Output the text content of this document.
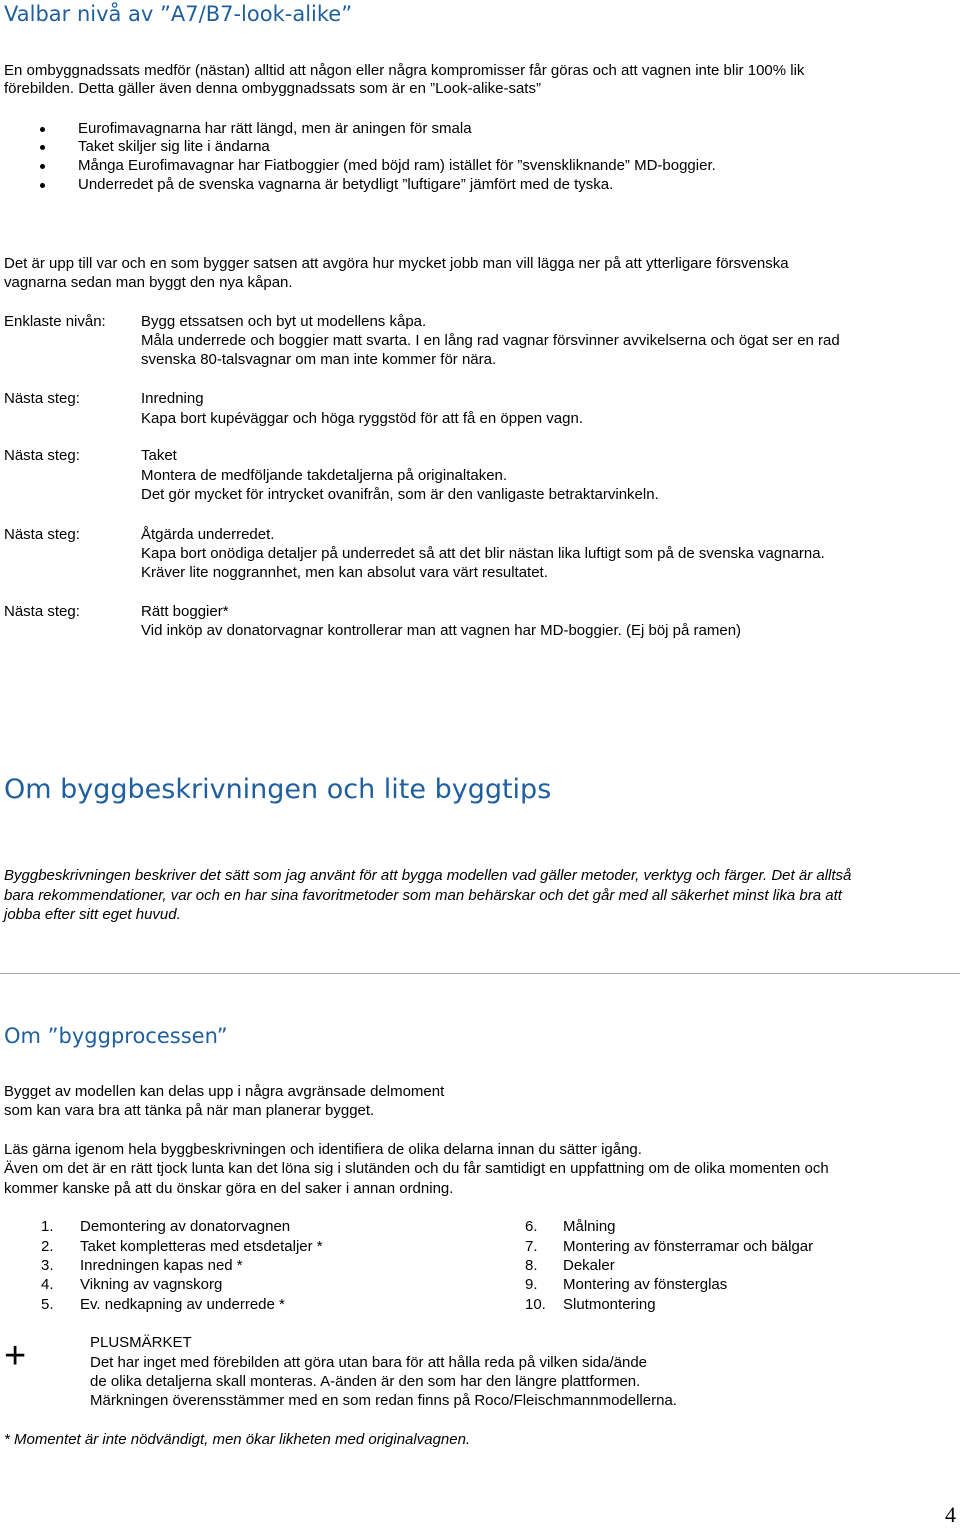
Valbar nivå av ”A7/B7-look-alike”
En ombyggnadssats medför (nästan) alltid att någon eller några kompromisser får göras och att vagnen inte blir 100% lik
förebilden. Detta gäller även denna ombyggnadssats som är en ”Look-alike-sats”
Eurofimavagnarna har rätt längd, men är aningen för smala
Taket skiljer sig lite i ändarna
Många Eurofimavagnar har Fiatboggier (med böjd ram) istället för ”svenskliknande” MD-boggier.
Underredet på de svenska vagnarna är betydligt ”luftigare” jämfört med de tyska.
Det är upp till var och en som bygger satsen att avgöra hur mycket jobb man vill lägga ner på att ytterligare försvenska
vagnarna sedan man byggt den nya kåpan.
Enklaste nivån: Bygg etssatsen och byt ut modellens kåpa.
Måla underrede och boggier matt svarta. I en lång rad vagnar försvinner avvikelserna och ögat ser en rad
svenska 80-talsvagnar om man inte kommer för nära.
Nästa steg:	Inredning
Kapa bort kupéväggar och höga ryggstöd för att få en öppen vagn.
Nästa steg:	Taket
Montera de medföljande takdetaljerna på originaltaken.
Det gör mycket för intrycket ovanifrån, som är den vanligaste betraktarvinkeln.
Nästa steg:	Åtgärda underredet.
Kapa bort onödiga detaljer på underredet så att det blir nästan lika luftigt som på de svenska vagnarna.
Kräver lite noggrannhet, men kan absolut vara värt resultatet.
Nästa steg:	Rätt boggier*
Vid inköp av donatorvagnar kontrollerar man att vagnen har MD-boggier. (Ej böj på ramen)
Om byggbeskrivningen och lite byggtips
Byggbeskrivningen beskriver det sätt som jag använt för att bygga modellen vad gäller metoder, verktyg och färger. Det är alltså
bara rekommendationer, var och en har sina favoritmetoder som man behärskar och det går med all säkerhet minst lika bra att
jobba efter sitt eget huvud.
Om ”byggprocessen”
Bygget av modellen kan delas upp i några avgränsade delmoment
som kan vara bra att tänka på när man planerar bygget.
Läs gärna igenom hela byggbeskrivningen och identifiera de olika delarna innan du sätter igång.
Även om det är en rätt tjock lunta kan det löna sig i slutänden och du får samtidigt en uppfattning om de olika momenten och
kommer kanske på att du önskar göra en del saker i annan ordning.
1. Demontering av donatorvagnen
2. Taket kompletteras med etsdetaljer *
3. Inredningen kapas ned *
4. Vikning av vagnskorg
5. Ev. nedkapning av underrede *
6. Målning
7. Montering av fönsterramar och bälgar
8. Dekaler
9. Montering av fönsterglas
10. Slutmontering
+	PLUSMÄRKET
Det har inget med förebilden att göra utan bara för att hålla reda på vilken sida/ände
de olika detaljerna skall monteras. A-änden är den som har den längre plattformen.
Märkningen överensstämmer med en som redan finns på Roco/Fleischmannmodellerna.
* Momentet är inte nödvändigt, men ökar likheten med originalvagnen.
4
